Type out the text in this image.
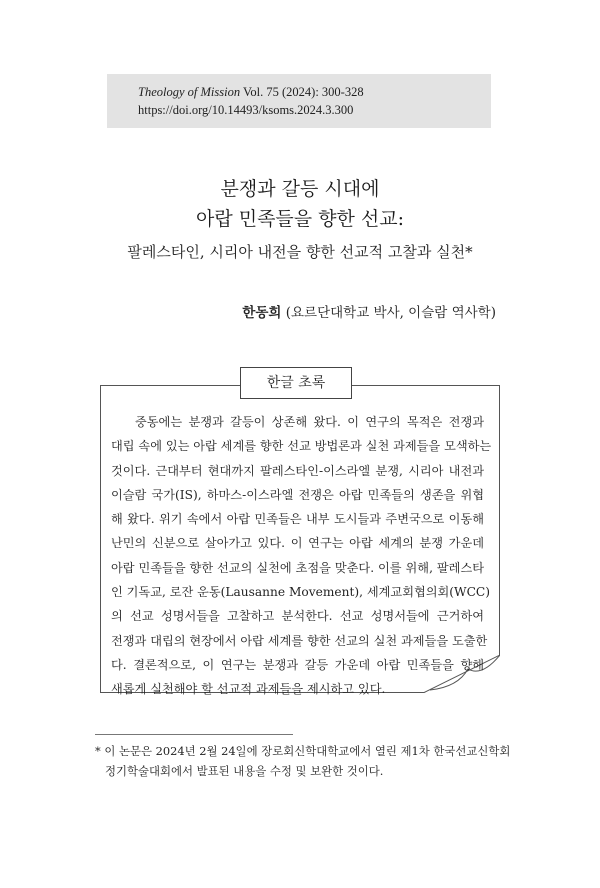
Theology of Mission Vol. 75 (2024): 300-328
https://doi.org/10.14493/ksoms.2024.3.300
분쟁과 갈등 시대에
아랍 민족들을 향한 선교:
팔레스타인, 시리아 내전을 향한 선교적 고찰과 실천*
한동희 (요르단대학교 박사, 이슬람 역사학)
한글 초록
중동에는 분쟁과 갈등이 상존해 왔다. 이 연구의 목적은 전쟁과
대립 속에 있는 아랍 세계를 향한 선교 방법론과 실천 과제들을 모색하는
것이다. 근대부터 현대까지 팔레스타인-이스라엘 분쟁, 시리아 내전과
이슬람 국가(IS), 하마스-이스라엘 전쟁은 아랍 민족들의 생존을 위협
해 왔다. 위기 속에서 아랍 민족들은 내부 도시들과 주변국으로 이동해
난민의 신분으로 살아가고 있다. 이 연구는 아랍 세계의 분쟁 가운데
아랍 민족들을 향한 선교의 실천에 초점을 맞춘다. 이를 위해, 팔레스타
인 기독교, 로잔 운동(Lausanne Movement), 세계교회협의회(WCC)
의 선교 성명서들을 고찰하고 분석한다. 선교 성명서들에 근거하여
전쟁과 대립의 현장에서 아랍 세계를 향한 선교의 실천 과제들을 도출한
다. 결론적으로, 이 연구는 분쟁과 갈등 가운데 아랍 민족들을 향해
새롭게 실천해야 할 선교적 과제들을 제시하고 있다.
* 이 논문은 2024년 2월 24일에 장로회신학대학교에서 열린 제1차 한국선교신학회
정기학술대회에서 발표된 내용을 수정 및 보완한 것이다.
